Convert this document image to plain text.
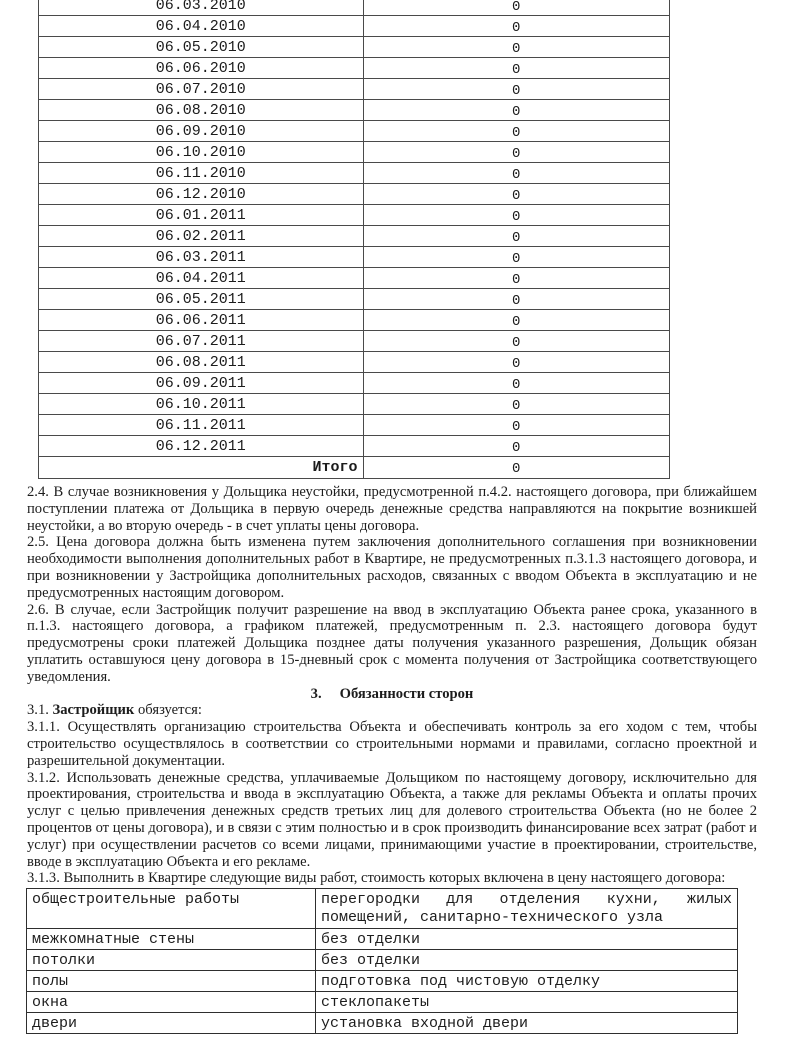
06.03.2010	0
06.04.2010	0
06.05.2010	0
06.06.2010	0
06.07.2010	0
06.08.2010	0
06.09.2010	0
06.10.2010	0
06.11.2010	0
06.12.2010	0
06.01.2011	0
06.02.2011	0
06.03.2011	0
06.04.2011	0
06.05.2011	0
06.06.2011	0
06.07.2011	0
06.08.2011	0
06.09.2011	0
06.10.2011	0
06.11.2011	0
06.12.2011	0
Итого	0

2.4. В случае возникновения у Дольщика неустойки, предусмотренной п.4.2. настоящего договора, при ближайшем поступлении платежа от Дольщика в первую очередь денежные средства направляются на покрытие возникшей неустойки, а во вторую очередь - в счет уплаты цены договора.

2.5. Цена договора должна быть изменена путем заключения дополнительного соглашения при возникновении необходимости выполнения дополнительных работ в Квартире, не предусмотренных п.3.1.3 настоящего договора, и при возникновении у Застройщика дополнительных расходов, связанных с вводом Объекта в эксплуатацию и не предусмотренных настоящим договором.

2.6. В случае, если Застройщик получит разрешение на ввод в эксплуатацию Объекта ранее срока, указанного в п.1.3. настоящего договора, а графиком платежей, предусмотренным п. 2.3. настоящего договора будут предусмотрены сроки платежей Дольщика позднее даты получения указанного разрешения, Дольщик обязан уплатить оставшуюся цену договора в 15-дневный срок с момента получения от Застройщика соответствующего уведомления.

3. Обязанности сторон

3.1. Застройщик обязуется:

3.1.1. Осуществлять организацию строительства Объекта и обеспечивать контроль за его ходом с тем, чтобы строительство осуществлялось в соответствии со строительными нормами и правилами, согласно проектной и разрешительной документации.

3.1.2. Использовать денежные средства, уплачиваемые Дольщиком по настоящему договору, исключительно для проектирования, строительства и ввода в эксплуатацию Объекта, а также для рекламы Объекта и оплаты прочих услуг с целью привлечения денежных средств третьих лиц для долевого строительства Объекта (но не более 2 процентов от цены договора), и в связи с этим полностью и в срок производить финансирование всех затрат (работ и услуг) при осуществлении расчетов со всеми лицами, принимающими участие в проектировании, строительстве, вводе в эксплуатацию Объекта и его рекламе.

3.1.3. Выполнить в Квартире следующие виды работ, стоимость которых включена в цену настоящего договора:

общестроительные работы	перегородки для отделения кухни, жилых помещений, санитарно-технического узла
межкомнатные стены	без отделки
потолки	без отделки
полы	подготовка под чистовую отделку
окна	стеклопакеты
двери	установка входной двери
